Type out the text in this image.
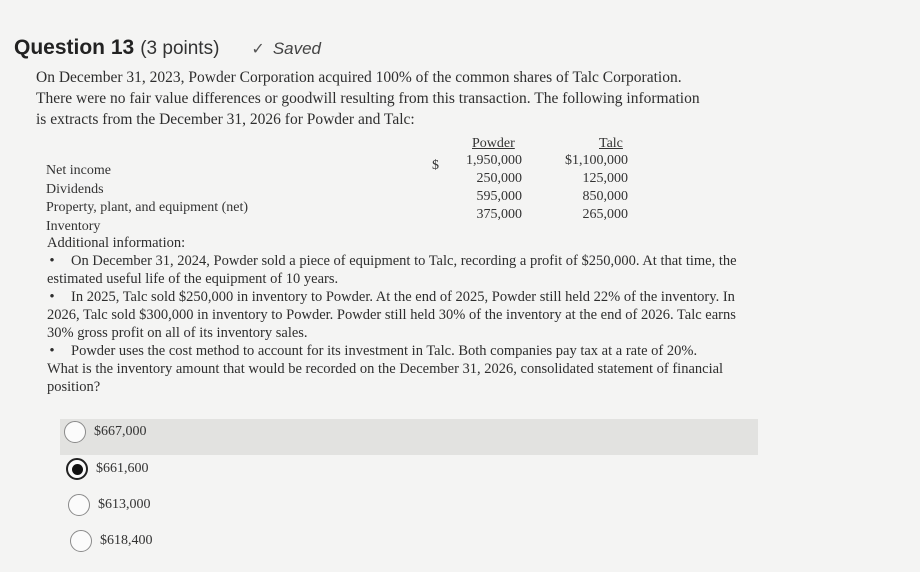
Question 13 (3 points) ✓ Saved
On December 31, 2023, Powder Corporation acquired 100% of the common shares of Talc Corporation.
There were no fair value differences or goodwill resulting from this transaction. The following information
is extracts from the December 31, 2026 for Powder and Talc:
Powder	Talc
$
Net income
Dividends
Property, plant, and equipment (net)
Inventory
1,950,000
250,000
595,000
375,000
$1,100,000
125,000
850,000
265,000
Additional information:
• On December 31, 2024, Powder sold a piece of equipment to Talc, recording a profit of $250,000. At that time, the
estimated useful life of the equipment of 10 years.
• In 2025, Talc sold $250,000 in inventory to Powder. At the end of 2025, Powder still held 22% of the inventory. In
2026, Talc sold $300,000 in inventory to Powder. Powder still held 30% of the inventory at the end of 2026. Talc earns
30% gross profit on all of its inventory sales.
• Powder uses the cost method to account for its investment in Talc. Both companies pay tax at a rate of 20%.
What is the inventory amount that would be recorded on the December 31, 2026, consolidated statement of financial
position?
$667,000
$661,600
$613,000
$618,400
